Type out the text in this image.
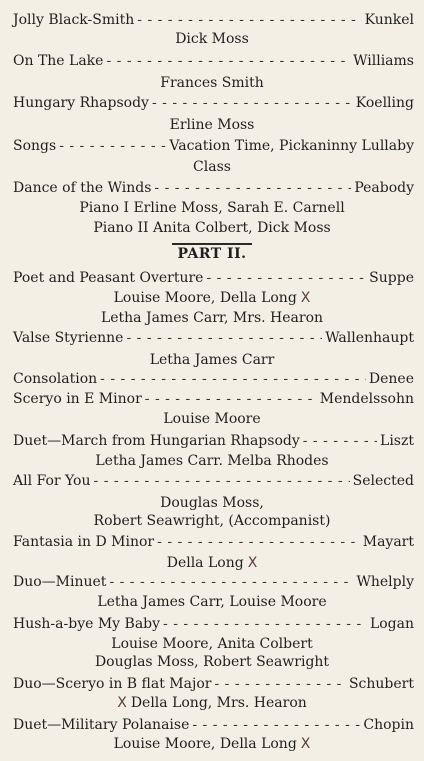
Jolly Black-Smith - - -	Kunkel
Dick Moss
On The Lake - - -	Williams
Frances Smith
Hungary Rhapsody - - -	Koelling
Erline Moss
Songs - - -	Vacation Time, Pickaninny Lullaby
Class
Dance of the Winds - - -	Peabody
Piano I Erline Moss, Sarah E. Carnell
Piano II Anita Colbert, Dick Moss
PART II.
Poet and Peasant Overture - - -	Suppe
Louise Moore, Della Long X
Letha James Carr, Mrs. Hearon
Valse Styrienne - - -	Wallenhaupt
Letha James Carr
Consolation - - -	Denee
Sceryo in E Minor - - -	Mendelssohn
Louise Moore
Duet—March from Hungarian Rhapsody - - -	Liszt
Letha James Carr. Melba Rhodes
All For You - - -	Selected
Douglas Moss,
Robert Seawright, (Accompanist)
Fantasia in D Minor - - -	Mayart
Della Long X
Duo—Minuet - - -	Whelply
Letha James Carr, Louise Moore
Hush-a-bye My Baby - - -	Logan
Louise Moore, Anita Colbert
Douglas Moss, Robert Seawright
Duo—Sceryo in B flat Major - - -	Schubert
X Della Long, Mrs. Hearon
Duet—Military Polanaise - - -	Chopin
Louise Moore, Della Long X
